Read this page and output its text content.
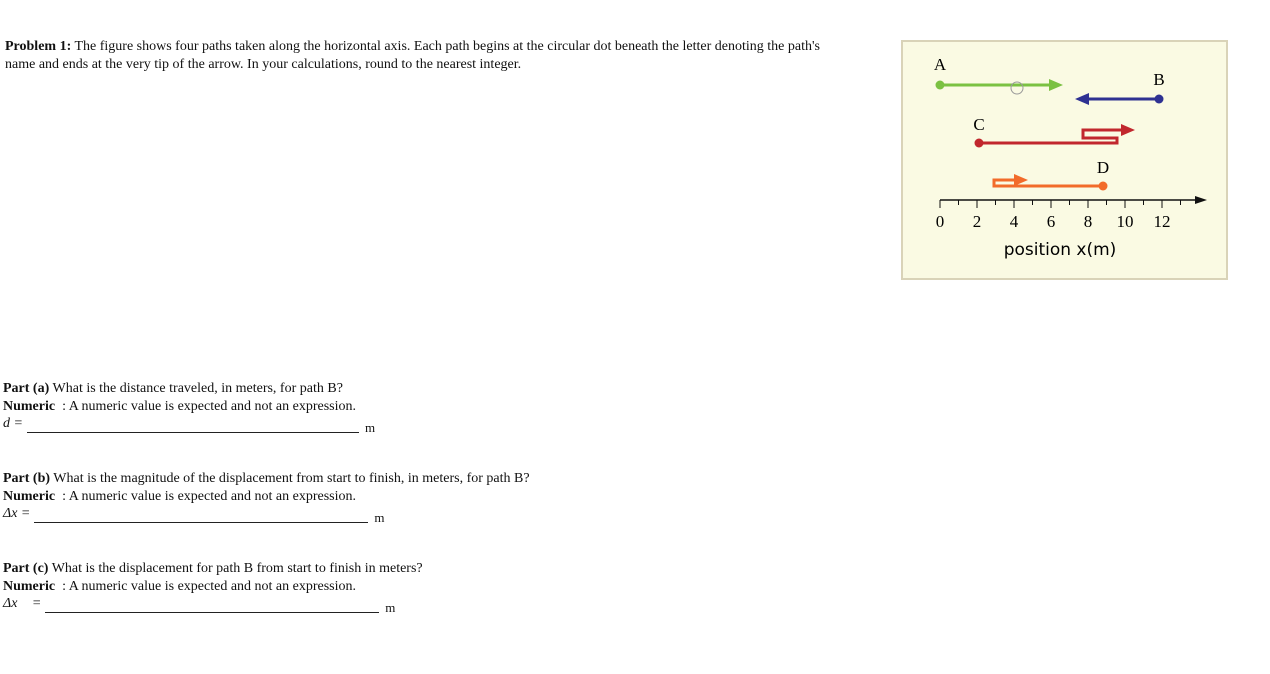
Problem 1: The figure shows four paths taken along the horizontal axis. Each path begins at the circular dot beneath the letter denoting the path's name and ends at the very tip of the arrow. In your calculations, round to the nearest integer.	A
B
C
D
0 2 4 6 8 10 12
position x(m)
Part (a) What is the distance traveled, in meters, for path B?
Numeric : A numeric value is expected and not an expression.
d =	m
Part (b) What is the magnitude of the displacement from start to finish, in meters, for path B?
Numeric : A numeric value is expected and not an expression.
Δx =	m
Part (c) What is the displacement for path B from start to finish in meters?
Numeric : A numeric value is expected and not an expression.
Δx⃗ =	m
